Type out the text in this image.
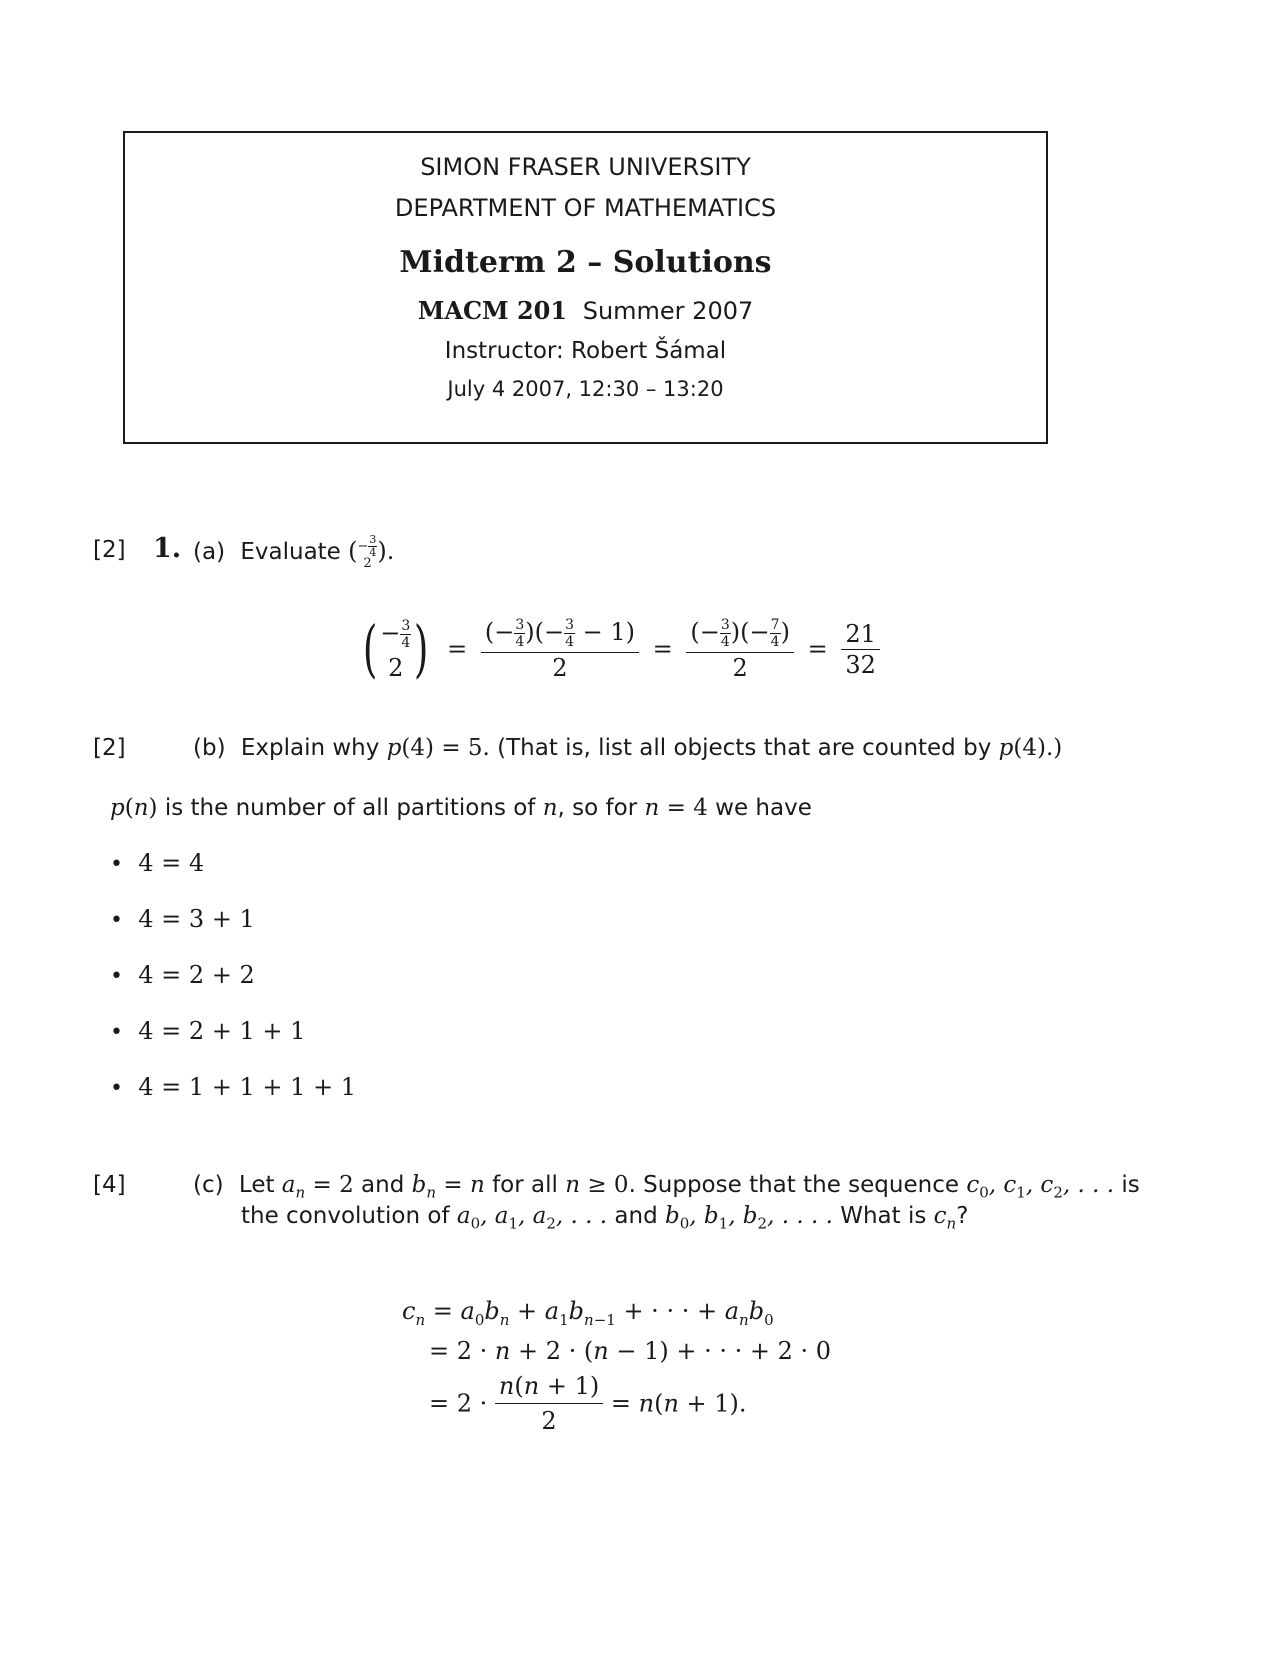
SIMON FRASER UNIVERSITY
DEPARTMENT OF MATHEMATICS
Midterm 2 – Solutions
MACM 201 Summer 2007
Instructor: Robert Šámal
July 4 2007, 12:30 – 13:20
[2] 1. (a) Evaluate ( − $\frac{3}{4}$
2 ).
( − $\frac{3}{4}$
2 ) = $\frac{(- \frac{3}{4} )(- \frac{3}{4} - 1)}{2} = \frac{(- \frac{3}{4} )(- \frac{7}{4} )}{2} = \frac{21}{32}$
[2]	(b) Explain why p(4) = 5. (That is, list all objects that are counted by p(4).)
p(n) is the number of all partitions of n, so for n = 4 we have
• 4 = 4
• 4 = 3 + 1
• 4 = 2 + 2
• 4 = 2 + 1 + 1
• 4 = 1 + 1 + 1 + 1
[4]	(c) Let $a_n = 2$ and $b_n = n$ for all n ≥ 0. Suppose that the sequence $c_0$, $c_1$, $c_2$, . . . is
the convolution of $a_0$, $a_1$, $a_2$, . . . and $b_0$, $b_1$, $b_2$, . . . . What is $c_n$?
$c_n = a_0b_n + a_1b_{n-1}$ + · · · + $a_nb_0$
= 2 · n + 2 · (n − 1) + · · · + 2 · 0
= $2 \cdot \frac{n(n + 1)}{2} = n(n + 1)$.
